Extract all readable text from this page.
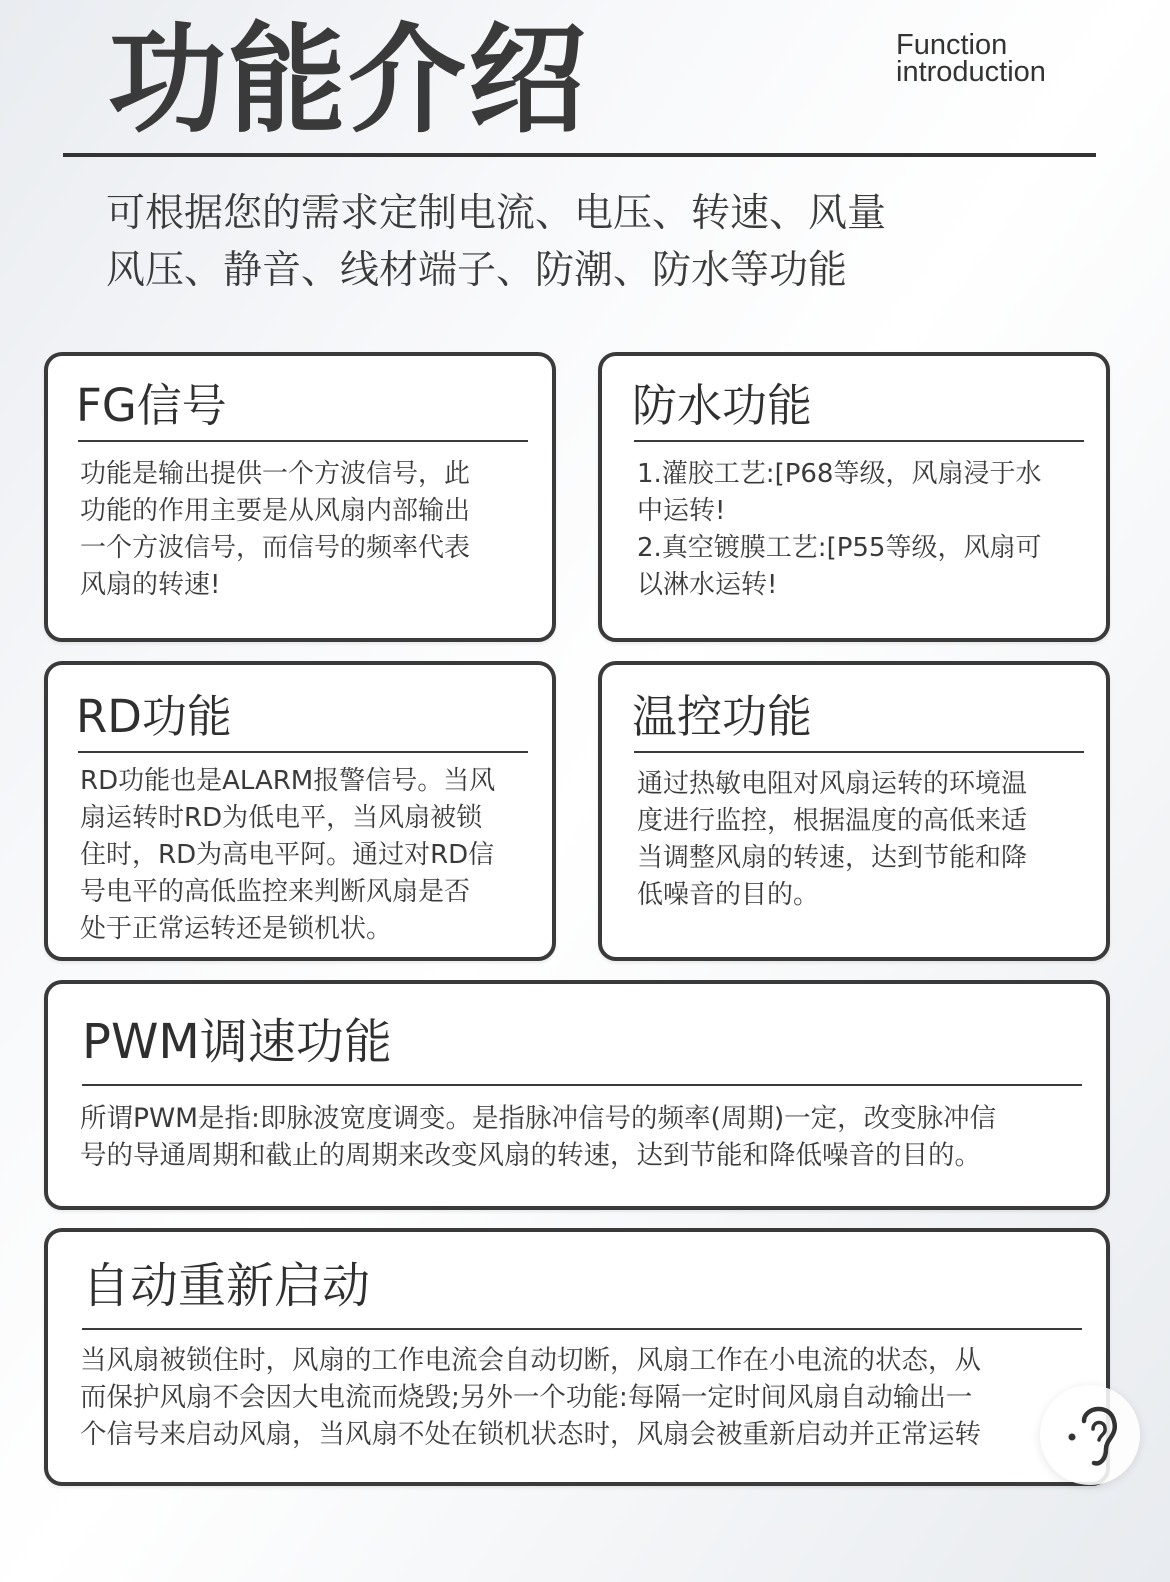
功能介绍	Function
introduction
可根据您的需求定制电流、电压、转速、风量
风压、静音、线材端子、防潮、防水等功能
FG信号
功能是输出提供一个方波信号，此
功能的作用主要是从风扇内部输出
一个方波信号，而信号的频率代表
风扇的转速!
防水功能
1.灌胶工艺:[P68等级，风扇浸于水
中运转!
2.真空镀膜工艺:[P55等级，风扇可
以淋水运转!
RD功能
RD功能也是ALARM报警信号。当风
扇运转时RD为低电平，当风扇被锁
住时，RD为高电平阿。通过对RD信
号电平的高低监控来判断风扇是否
处于正常运转还是锁机状。
温控功能
通过热敏电阻对风扇运转的环境温
度进行监控，根据温度的高低来适
当调整风扇的转速，达到节能和降
低噪音的目的。
PWM调速功能
所谓PWM是指:即脉波宽度调变。是指脉冲信号的频率(周期)一定，改变脉冲信
号的导通周期和截止的周期来改变风扇的转速，达到节能和降低噪音的目的。
自动重新启动
当风扇被锁住时，风扇的工作电流会自动切断，风扇工作在小电流的状态，从
而保护风扇不会因大电流而烧毁;另外一个功能:每隔一定时间风扇自动输出一
个信号来启动风扇，当风扇不处在锁机状态时，风扇会被重新启动并正常运转
